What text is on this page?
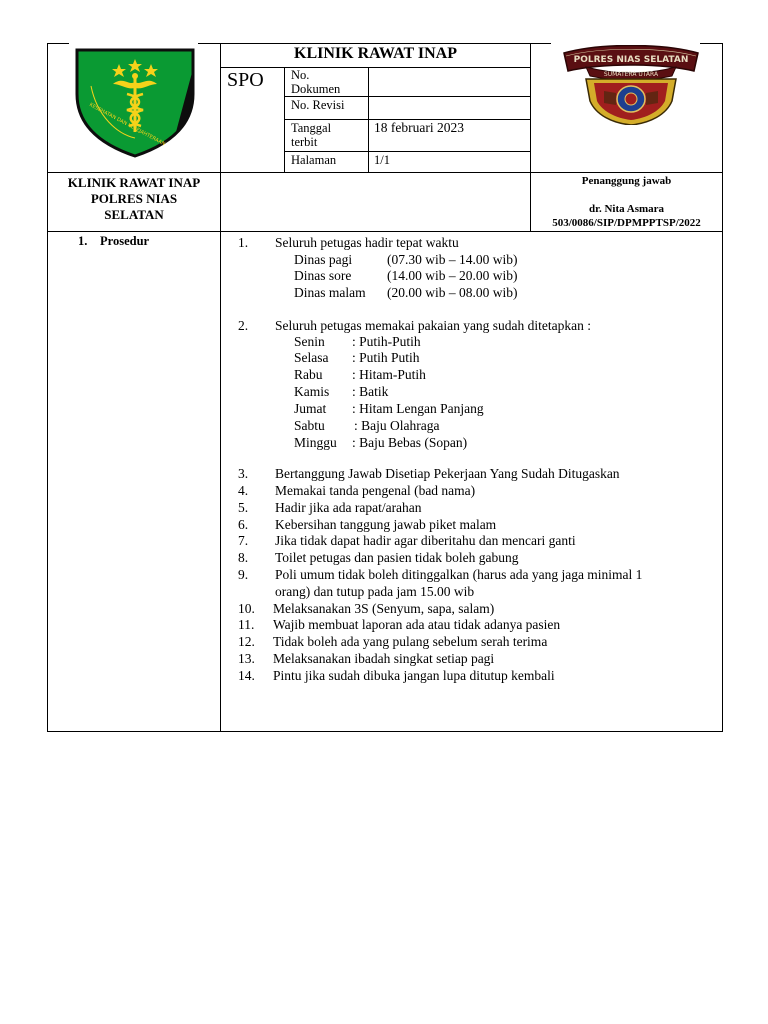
KESEHATAN DAN KESEJAHTERAAN
POLRES NIAS SELATAN
SUMATERA UTARA
KLINIK RAWAT INAP
SPO No.
Dokumen
No. Revisi
Tanggal
terbit
18 februari 2023
Halaman	1/1
KLINIK RAWAT INAP
POLRES NIAS
SELATAN
Penanggung jawab
dr. Nita Asmara
503/0086/SIP/DPMPPTSP/2022
1. Prosedur	1. Seluruh petugas hadir tepat waktu
Dinas pagi	(07.30 wib – 14.00 wib)
Dinas sore	(14.00 wib – 20.00 wib)
Dinas malam (20.00 wib – 08.00 wib)
2. Seluruh petugas memakai pakaian yang sudah ditetapkan :
Senin : Putih-Putih
Selasa : Putih Putih
Rabu : Hitam-Putih
Kamis : Batik
Jumat : Hitam Lengan Panjang
Sabtu : Baju Olahraga
Minggu : Baju Bebas (Sopan)
3. Bertanggung Jawab Disetiap Pekerjaan Yang Sudah Ditugaskan
4. Memakai tanda pengenal (bad nama)
5. Hadir jika ada rapat/arahan
6. Kebersihan tanggung jawab piket malam
7. Jika tidak dapat hadir agar diberitahu dan mencari ganti
8. Toilet petugas dan pasien tidak boleh gabung
9. Poli umum tidak boleh ditinggalkan (harus ada yang jaga minimal 1
orang) dan tutup pada jam 15.00 wib
10. Melaksanakan 3S (Senyum, sapa, salam)
11. Wajib membuat laporan ada atau tidak adanya pasien
12. Tidak boleh ada yang pulang sebelum serah terima
13. Melaksanakan ibadah singkat setiap pagi
14. Pintu jika sudah dibuka jangan lupa ditutup kembali
